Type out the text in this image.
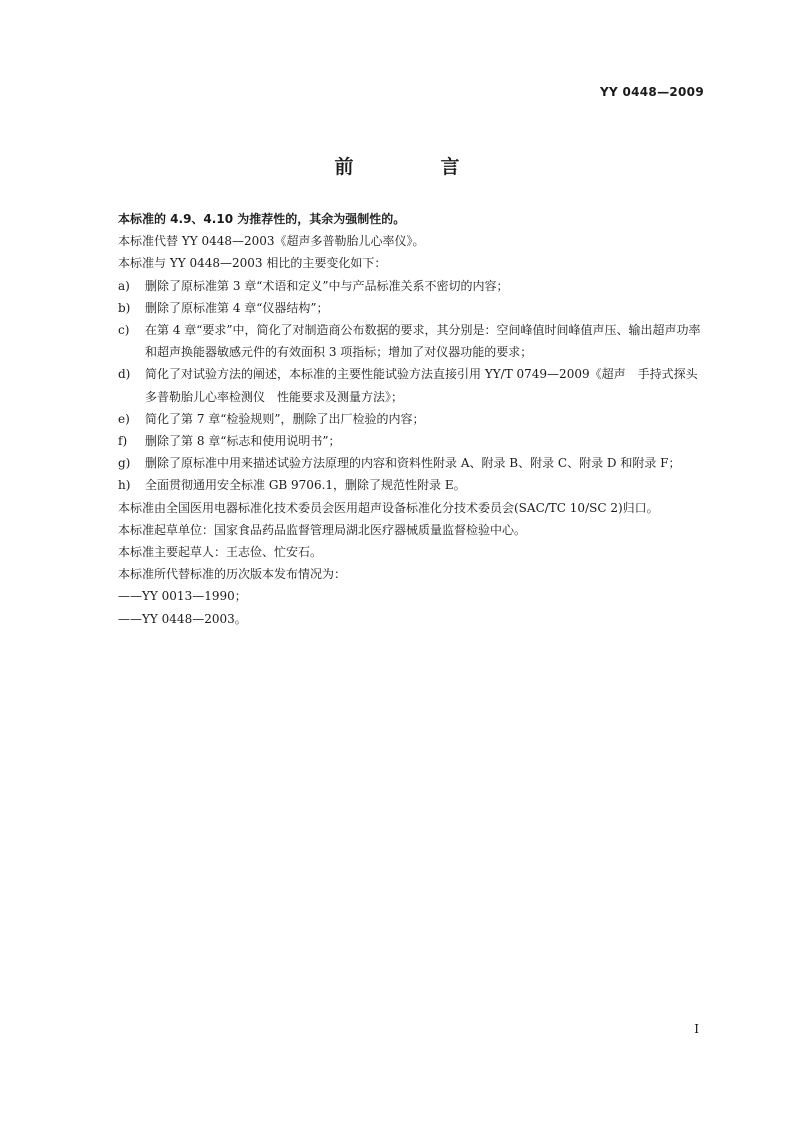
YY 0448—2009
前　言

本标准的 4.9、4.10 为推荐性的，其余为强制性的。

本标准代替 YY 0448—2003《超声多普勒胎儿心率仪》。

本标准与 YY 0448—2003 相比的主要变化如下：

a) 删除了原标准第 3 章“术语和定义”中与产品标准关系不密切的内容；

b) 删除了原标准第 4 章“仪器结构”；

c) 在第 4 章“要求”中，简化了对制造商公布数据的要求，其分别是：空间峰值时间峰值声压、输出超声功率和超声换能器敏感元件的有效面积 3 项指标；增加了对仪器功能的要求；

d) 简化了对试验方法的阐述，本标准的主要性能试验方法直接引用 YY/T 0749—2009《超声　手持式探头多普勒胎儿心率检测仪　性能要求及测量方法》；

e) 简化了第 7 章“检验规则”，删除了出厂检验的内容；

f) 删除了第 8 章“标志和使用说明书”；

g) 删除了原标准中用来描述试验方法原理的内容和资料性附录 A、附录 B、附录 C、附录 D 和附录 F；

h) 全面贯彻通用安全标准 GB 9706.1，删除了规范性附录 E。

本标准由全国医用电器标准化技术委员会医用超声设备标准化分技术委员会(SAC/TC 10/SC 2)归口。

本标准起草单位：国家食品药品监督管理局湖北医疗器械质量监督检验中心。

本标准主要起草人：王志俭、忙安石。

本标准所代替标准的历次版本发布情况为：

——YY 0013—1990；

——YY 0448—2003。

I
